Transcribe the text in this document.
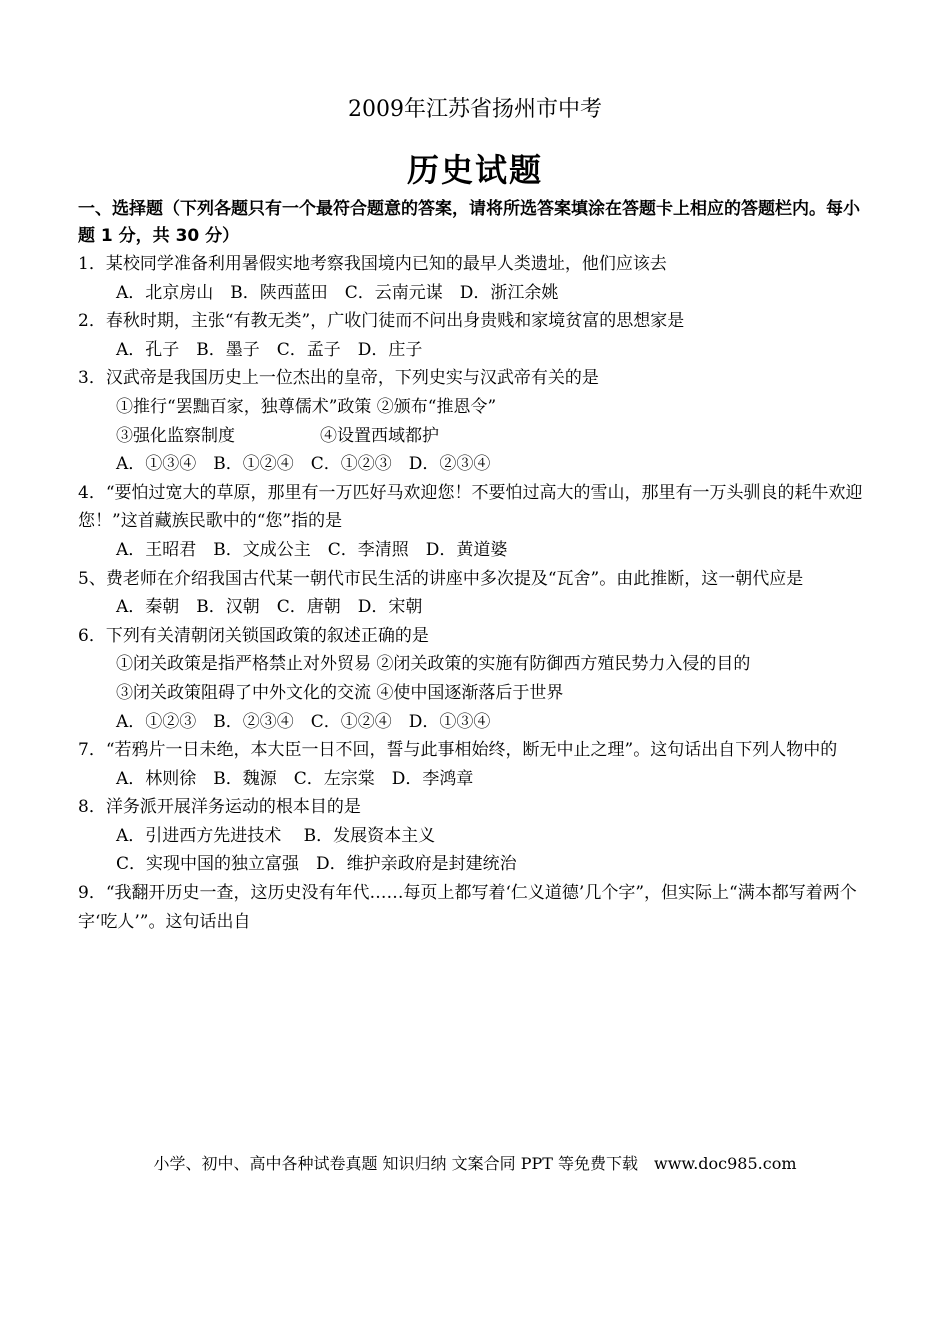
2009年江苏省扬州市中考
历史试题
一、选择题（下列各题只有一个最符合题意的答案，请将所选答案填涂在答题卡上相应的答题栏内。每小题 1 分，共 30 分）

1．某校同学准备利用暑假实地考察我国境内已知的最早人类遗址，他们应该去

A．北京房山　B．陕西蓝田　C．云南元谋　D．浙江余姚

2．春秋时期，主张“有教无类”，广收门徒而不问出身贵贱和家境贫富的思想家是

A．孔子　B．墨子　C．孟子　D．庄子

3．汉武帝是我国历史上一位杰出的皇帝，下列史实与汉武帝有关的是

①推行“罢黜百家，独尊儒术”政策 ②颁布“推恩令”

③强化监察制度　　　　　④设置西域都护

A．①③④　B．①②④　C．①②③　D．②③④

4．“要怕过宽大的草原，那里有一万匹好马欢迎您！不要怕过高大的雪山，那里有一万头驯良的耗牛欢迎您！”这首藏族民歌中的“您”指的是

A．王昭君　B．文成公主　C．李清照　D．黄道婆

5、费老师在介绍我国古代某一朝代市民生活的讲座中多次提及“瓦舍”。由此推断，这一朝代应是

A．秦朝　B．汉朝　C．唐朝　D．宋朝

6．下列有关清朝闭关锁国政策的叙述正确的是

①闭关政策是指严格禁止对外贸易 ②闭关政策的实施有防御西方殖民势力入侵的目的

③闭关政策阻碍了中外文化的交流 ④使中国逐渐落后于世界

A．①②③　B．②③④　C．①②④　D．①③④

7．“若鸦片一日未绝，本大臣一日不回，誓与此事相始终，断无中止之理”。这句话出自下列人物中的

A．林则徐　B．魏源　C．左宗棠　D．李鸿章

8．洋务派开展洋务运动的根本目的是

A．引进西方先进技术　 B．发展资本主义

C．实现中国的独立富强　D．维护亲政府是封建统治

9．“我翻开历史一查，这历史没有年代……每页上都写着‘仁义道德’几个字”，但实际上“满本都写着两个字‘吃人’”。这句话出自

小学、初中、高中各种试卷真题 知识归纳 文案合同 PPT 等免费下载　www.doc985.com
